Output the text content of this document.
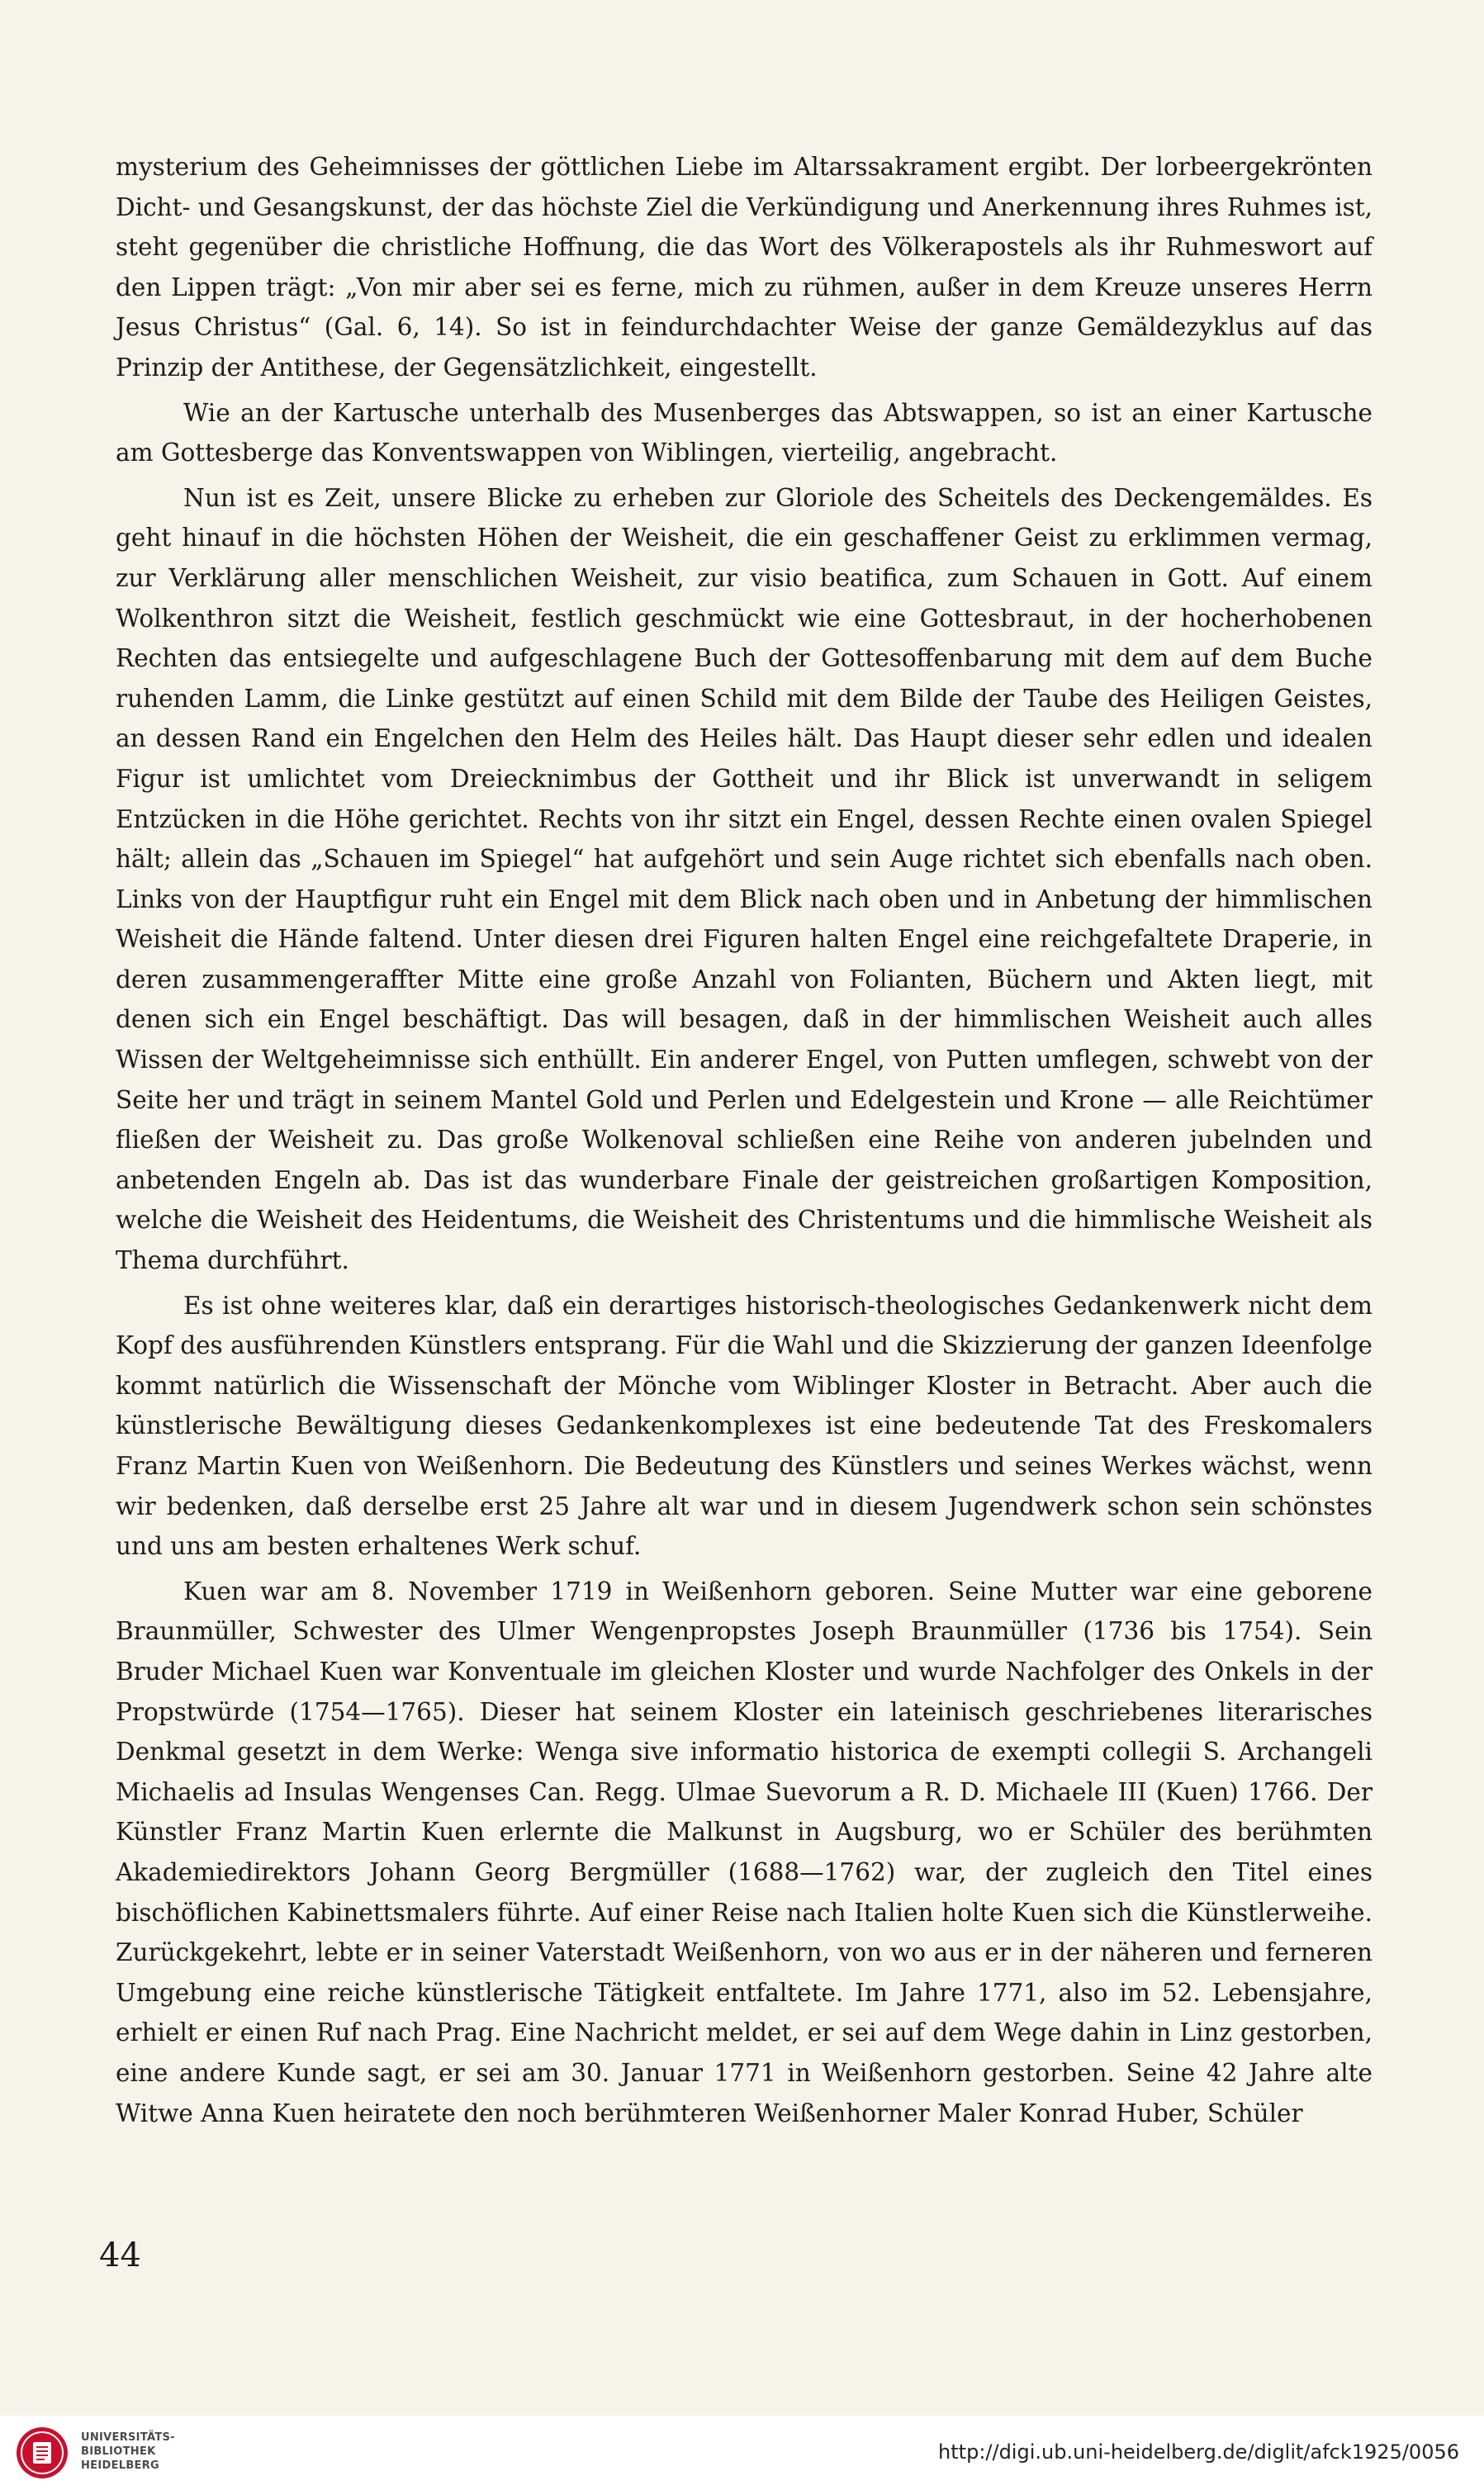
mysterium des Geheimnisses der göttlichen Liebe im Altarssakrament ergibt. Der lorbeergekrönten Dicht- und Gesangskunst, der das höchste Ziel die Verkündigung und Anerkennung ihres Ruhmes ist, steht gegenüber die christliche Hoffnung, die das Wort des Völkerapostels als ihr Ruhmeswort auf den Lippen trägt: „Von mir aber sei es ferne, mich zu rühmen, außer in dem Kreuze unseres Herrn Jesus Christus“ (Gal. 6, 14). So ist in feindurchdachter Weise der ganze Gemäldezyklus auf das Prinzip der Antithese, der Gegensätzlichkeit, eingestellt.

Wie an der Kartusche unterhalb des Musenberges das Abtswappen, so ist an einer Kartusche am Gottesberge das Konventswappen von Wiblingen, vierteilig, angebracht.

Nun ist es Zeit, unsere Blicke zu erheben zur Gloriole des Scheitels des Deckengemäldes. Es geht hinauf in die höchsten Höhen der Weisheit, die ein geschaffener Geist zu erklimmen vermag, zur Verklärung aller menschlichen Weisheit, zur visio beatifica, zum Schauen in Gott. Auf einem Wolkenthron sitzt die Weisheit, festlich geschmückt wie eine Gottesbraut, in der hocherhobenen Rechten das entsiegelte und aufgeschlagene Buch der Gottesoffenbarung mit dem auf dem Buche ruhenden Lamm, die Linke gestützt auf einen Schild mit dem Bilde der Taube des Heiligen Geistes, an dessen Rand ein Engelchen den Helm des Heiles hält. Das Haupt dieser sehr edlen und idealen Figur ist umlichtet vom Dreiecknimbus der Gottheit und ihr Blick ist unverwandt in seligem Entzücken in die Höhe gerichtet. Rechts von ihr sitzt ein Engel, dessen Rechte einen ovalen Spiegel hält; allein das „Schauen im Spiegel“ hat aufgehört und sein Auge richtet sich ebenfalls nach oben. Links von der Hauptfigur ruht ein Engel mit dem Blick nach oben und in Anbetung der himmlischen Weisheit die Hände faltend. Unter diesen drei Figuren halten Engel eine reichgefaltete Draperie, in deren zusammengeraffter Mitte eine große Anzahl von Folianten, Büchern und Akten liegt, mit denen sich ein Engel beschäftigt. Das will besagen, daß in der himmlischen Weisheit auch alles Wissen der Weltgeheimnisse sich enthüllt. Ein anderer Engel, von Putten umflegen, schwebt von der Seite her und trägt in seinem Mantel Gold und Perlen und Edelgestein und Krone — alle Reichtümer fließen der Weisheit zu. Das große Wolkenoval schließen eine Reihe von anderen jubelnden und anbetenden Engeln ab. Das ist das wunderbare Finale der geistreichen großartigen Komposition, welche die Weisheit des Heidentums, die Weisheit des Christentums und die himmlische Weisheit als Thema durchführt.

Es ist ohne weiteres klar, daß ein derartiges historisch-theologisches Gedankenwerk nicht dem Kopf des ausführenden Künstlers entsprang. Für die Wahl und die Skizzierung der ganzen Ideenfolge kommt natürlich die Wissenschaft der Mönche vom Wiblinger Kloster in Betracht. Aber auch die künstlerische Bewältigung dieses Gedankenkomplexes ist eine bedeutende Tat des Freskomalers Franz Martin Kuen von Weißenhorn. Die Bedeutung des Künstlers und seines Werkes wächst, wenn wir bedenken, daß derselbe erst 25 Jahre alt war und in diesem Jugendwerk schon sein schönstes und uns am besten erhaltenes Werk schuf.

Kuen war am 8. November 1719 in Weißenhorn geboren. Seine Mutter war eine geborene Braunmüller, Schwester des Ulmer Wengenpropstes Joseph Braunmüller (1736 bis 1754). Sein Bruder Michael Kuen war Konventuale im gleichen Kloster und wurde Nachfolger des Onkels in der Propstwürde (1754—1765). Dieser hat seinem Kloster ein lateinisch geschriebenes literarisches Denkmal gesetzt in dem Werke: Wenga sive informatio historica de exempti collegii S. Archangeli Michaelis ad Insulas Wengenses Can. Regg. Ulmae Suevorum a R. D. Michaele III (Kuen) 1766. Der Künstler Franz Martin Kuen erlernte die Malkunst in Augsburg, wo er Schüler des berühmten Akademiedirektors Johann Georg Bergmüller (1688—1762) war, der zugleich den Titel eines bischöflichen Kabinettsmalers führte. Auf einer Reise nach Italien holte Kuen sich die Künstlerweihe. Zurückgekehrt, lebte er in seiner Vaterstadt Weißenhorn, von wo aus er in der näheren und ferneren Umgebung eine reiche künstlerische Tätigkeit entfaltete. Im Jahre 1771, also im 52. Lebensjahre, erhielt er einen Ruf nach Prag. Eine Nachricht meldet, er sei auf dem Wege dahin in Linz gestorben, eine andere Kunde sagt, er sei am 30. Januar 1771 in Weißenhorn gestorben. Seine 42 Jahre alte Witwe Anna Kuen heiratete den noch berühmteren Weißenhorner Maler Konrad Huber, Schüler

44
UNIVERSITÄTS-
BIBLIOTHEK
HEIDELBERG
http://digi.ub.uni-heidelberg.de/diglit/afck1925/0056
